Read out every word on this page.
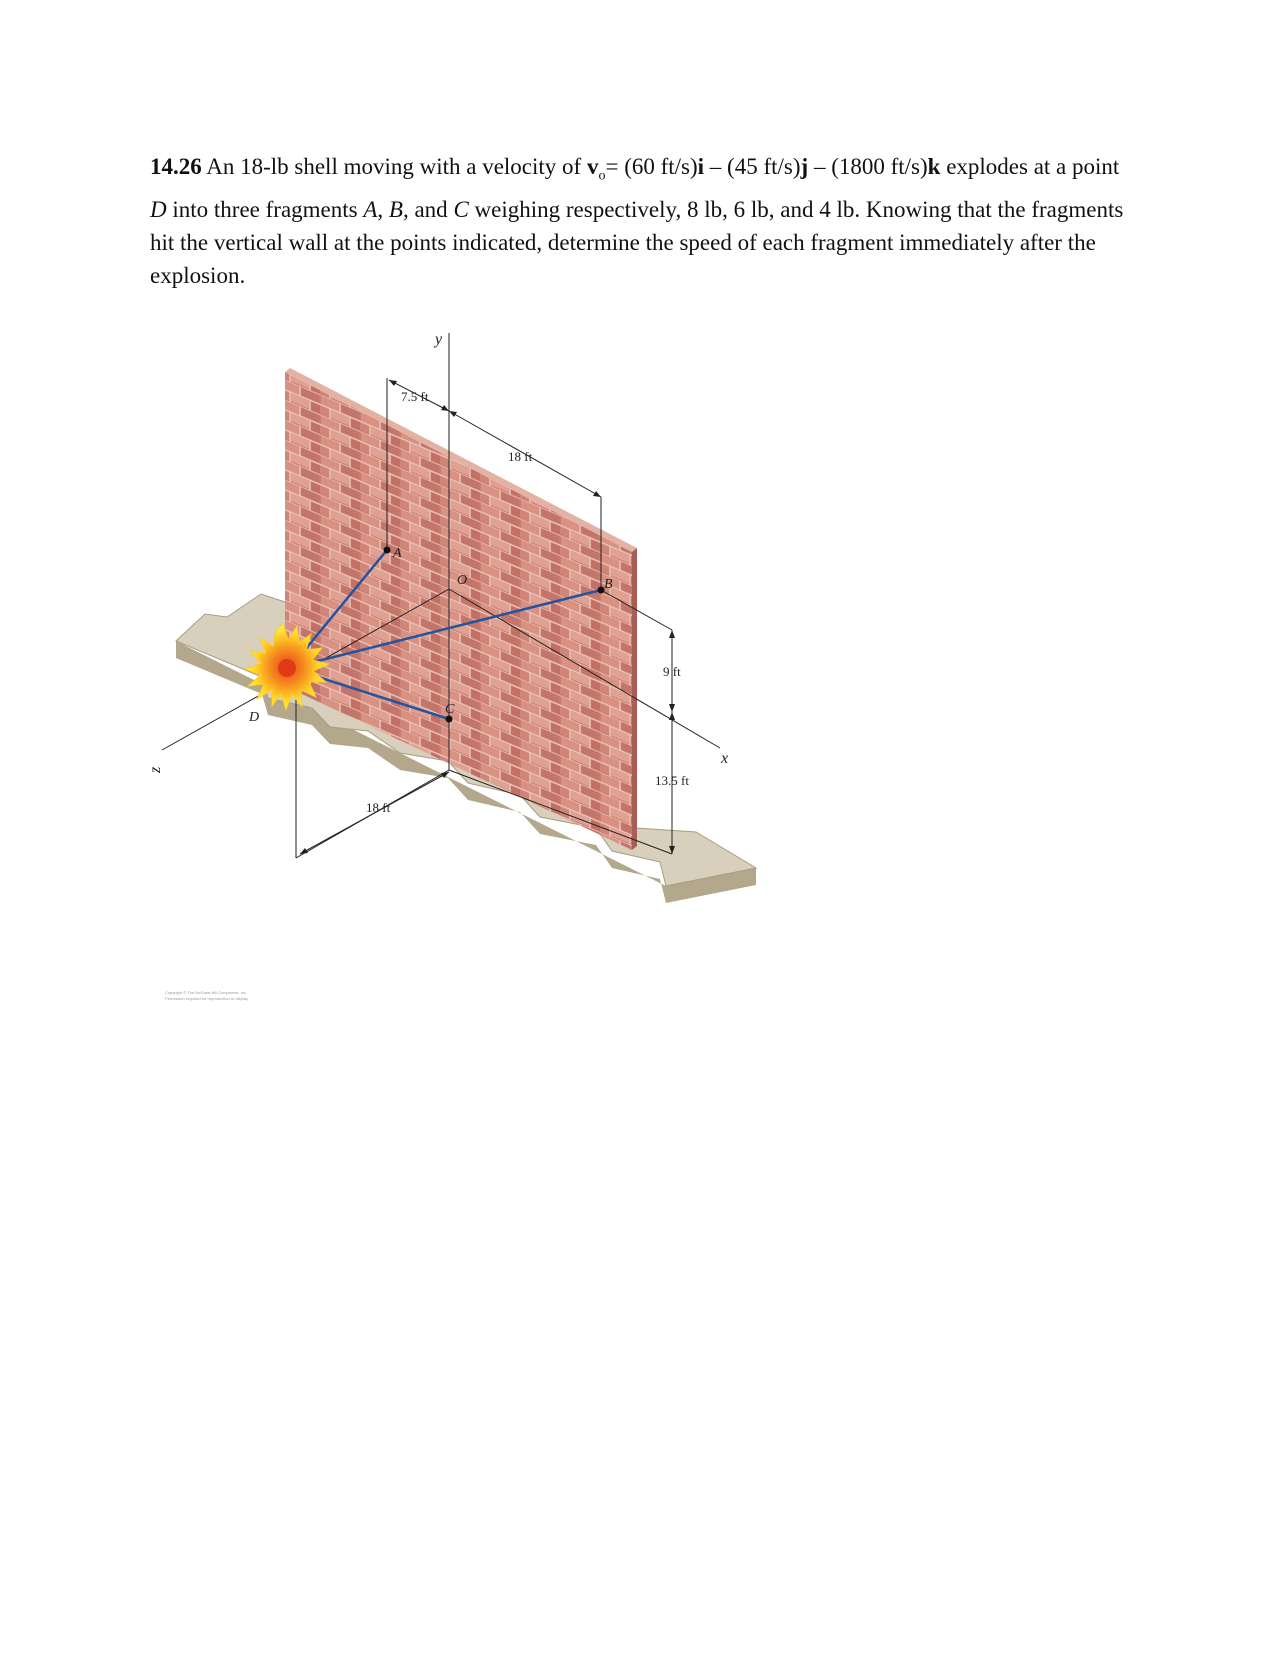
14.26 An 18-lb shell moving with a velocity of $v_o= (60$ ft/s)i – (45 ft/s)j – (1800 ft/s)k explodes at a point D into three fragments A, B, and C weighing respectively, 8 lb, 6 lb, and 4 lb. Knowing that the fragments hit the vertical wall at the points indicated, determine the speed of each fragment immediately after the explosion.
y
x
z
A
B
C
D
O
7.5 ft
18 ft
9 ft
13.5 ft
18 ft
Copyright © The McGraw-Hill Companies, Inc.
Permission required for reproduction or display.
